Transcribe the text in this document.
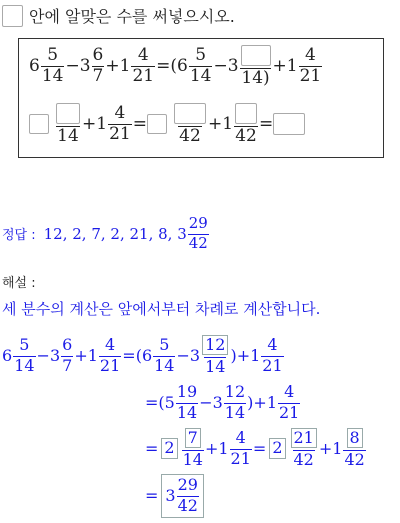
안에 알맞은 수를 써넣으시오.
$6 \frac{5}{14} - 3 \frac{6}{7} + 1 \frac{4}{21}$ = ( $6 \frac{5}{14} - 3$
14)
+ $1 \frac{4}{21}$
14
+ $1 \frac{4}{21}$ =
42
+ 1
42
=
정답 : 12, 2, 7, 2, 21, 8, $3 \frac{29}{42}$
해설 :
세 분수의 계산은 앞에서부터 차례로 계산합니다.
$6 \frac{5}{14} - 3 \frac{6}{7} + 1 \frac{4}{21}$ = ( $6 \frac{5}{14} - 3 \frac{12}{14}$ ) + $1 \frac{4}{21}$
= ( $5 \frac{19}{14} - 3 \frac{12}{14}$ ) + $1 \frac{4}{21}$
= $2 \frac{7}{14} + 1 \frac{4}{21} = 2 \frac{21}{42} + 1 \frac{8}{42}$
= $3 \frac{29}{42}$
